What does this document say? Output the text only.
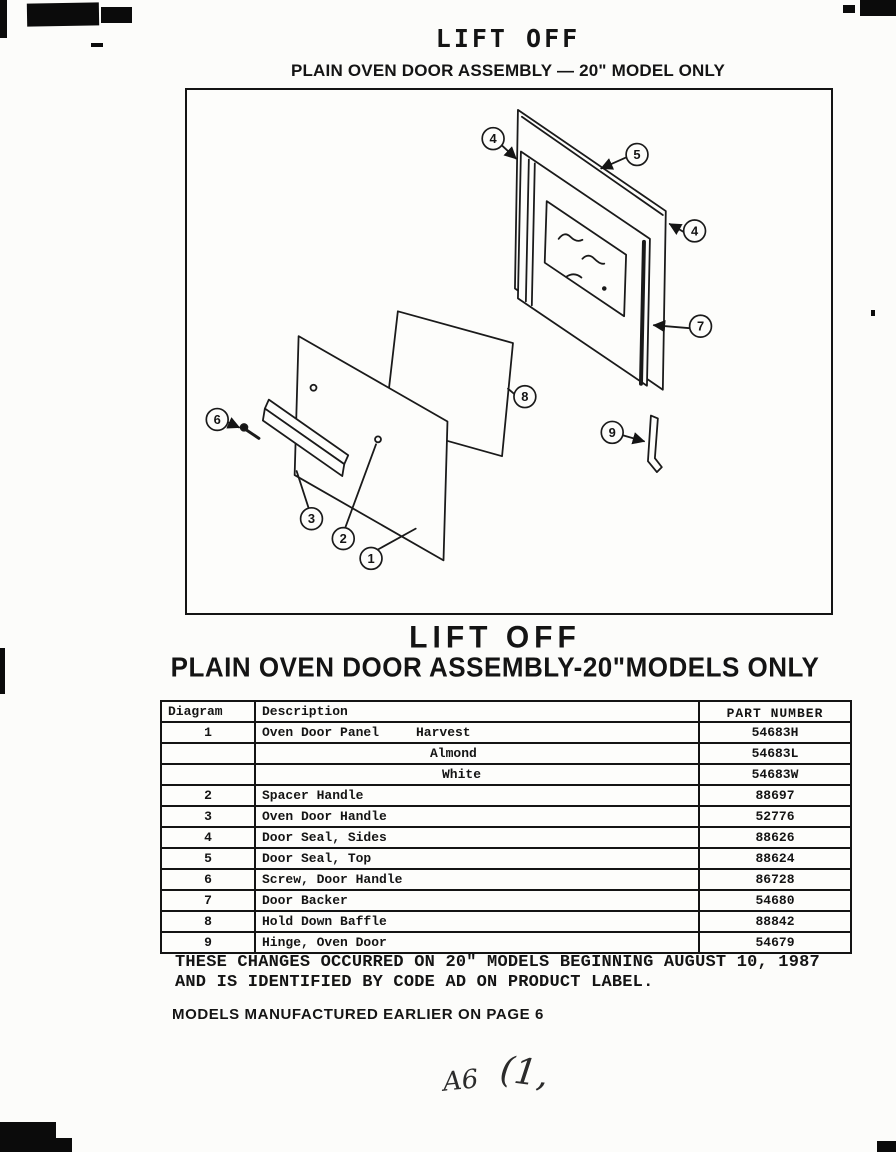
LIFT OFF
PLAIN OVEN DOOR ASSEMBLY — 20" MODEL ONLY
4
5
4
7
8
9
6
3
2
1
LIFT OFF
PLAIN OVEN DOOR ASSEMBLY-20"MODELS ONLY
Diagram	Description	PART NUMBER
1	Oven Door Panel Harvest	54683H

	Almond	54683L

	White	54683W
2	Spacer Handle	88697
3	Oven Door Handle	52776
4	Door Seal, Sides	88626
5	Door Seal, Top	88624
6	Screw, Door Handle	86728
7	Door Backer	54680
8	Hold Down Baffle	88842
9	Hinge, Oven Door	54679
THESE CHANGES OCCURRED ON 20" MODELS BEGINNING AUGUST 10, 1987
AND IS IDENTIFIED BY CODE AD ON PRODUCT LABEL.
MODELS MANUFACTURED EARLIER ON PAGE 6
A6 (1,
